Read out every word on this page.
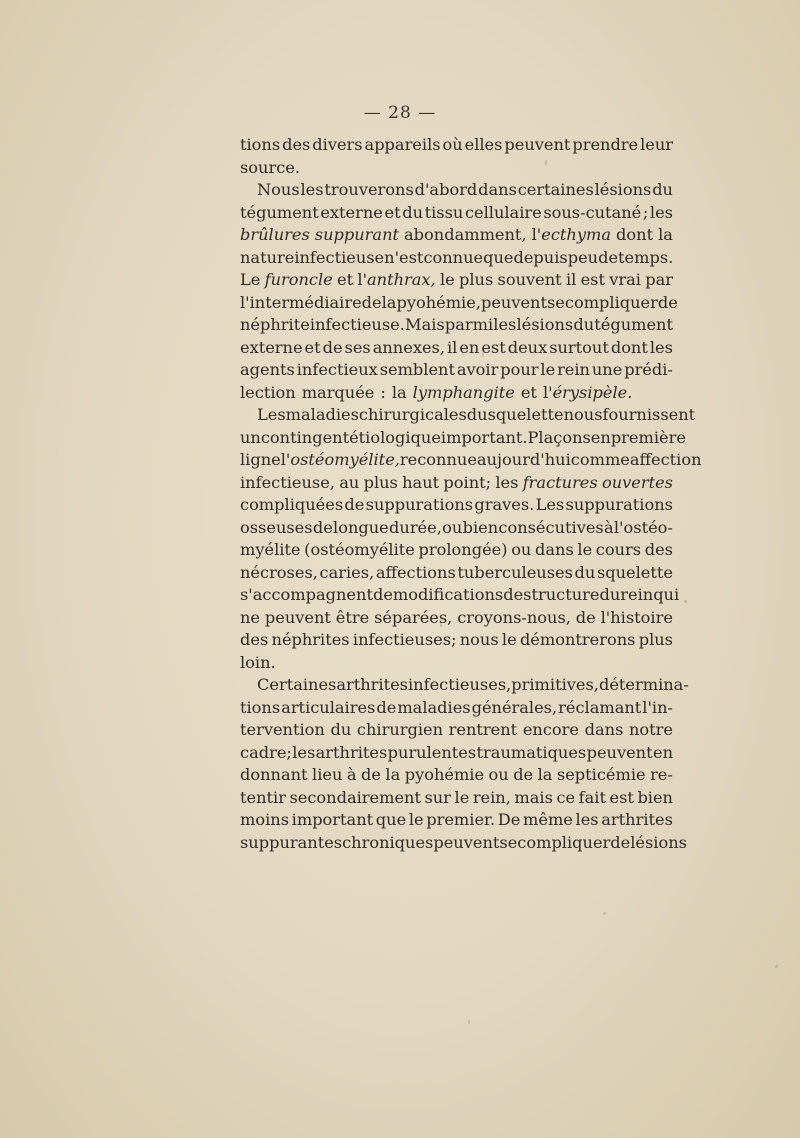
— 28 —
tions des divers appareils où elles peuvent prendre leur
source.
Nous les trouverons d'abord dans certaines lésions du
tégument externe et du tissu cellulaire sous-cutané ; les
brûlures suppurant abondamment, l'ecthyma dont la
nature infectieuse n'est connue que depuis peu de temps.
Le furoncle et l'anthrax, le plus souvent il est vrai par
l'intermédiaire de la pyohémie, peuvent se compliquer de
néphrite infectieuse. Mais parmi les lésions du tégument
externe et de ses annexes, il en est deux surtout dont les
agents infectieux semblent avoir pour le rein une prédi-
lection marquée : la lymphangite et l'érysipèle.
Les maladies chirurgicales du squelette nous fournissent
un contingent étiologique important. Plaçons en première
ligne l'ostéomyélite, reconnue aujourd'hui comme affection
infectieuse, au plus haut point; les fractures ouvertes
compliquées de suppurations graves. Les suppurations
osseuses de longue durée, ou bien consécutives à l'ostéo-
myélite (ostéomyélite prolongée) ou dans le cours des
nécroses, caries, affections tuberculeuses du squelette
s'accompagnent de modifications de structure du rein qui
ne peuvent être séparées, croyons-nous, de l'histoire
des néphrites infectieuses; nous le démontrerons plus
loin.
Certaines arthrites infectieuses, primitives, détermina-
tions articulaires de maladies générales, réclamant l'in-
tervention du chirurgien rentrent encore dans notre
cadre; les arthrites purulentes traumatiques peuvent en
donnant lieu à de la pyohémie ou de la septicémie re-
tentir secondairement sur le rein, mais ce fait est bien
moins important que le premier. De même les arthrites
suppurantes chroniques peuvent se compliquer de lésions
